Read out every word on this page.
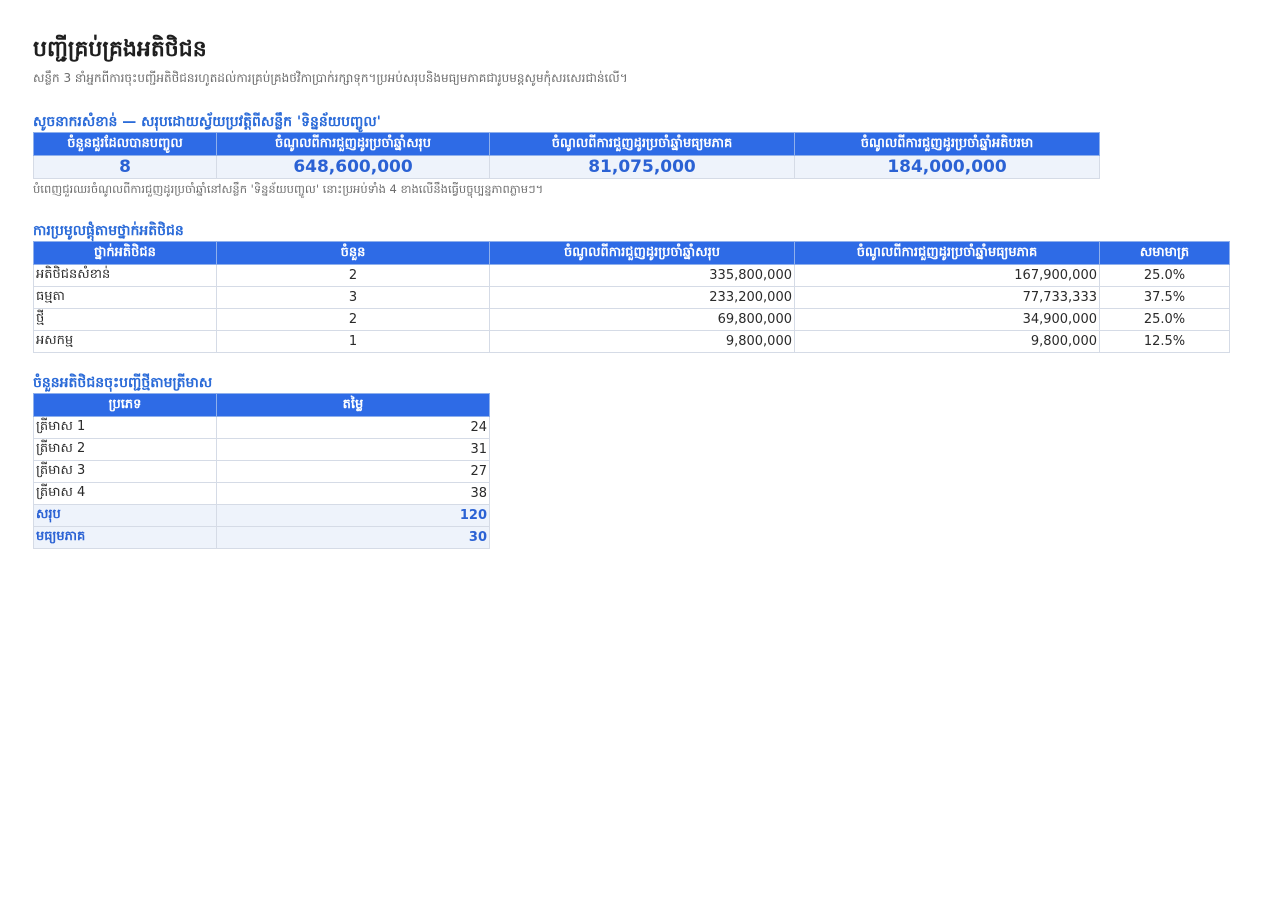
បញ្ជីគ្រប់គ្រងអតិថិជន
សន្លឹក 3 នាំអ្នកពីការចុះបញ្ជីអតិថិជនរហូតដល់ការគ្រប់គ្រងថវិកាប្រាក់រក្សាទុក។ប្រអប់សរុបនិងមធ្យមភាគជារូបមន្តសូមកុំសរសេរជាន់លើ។
សូចនាករសំខាន់ — សរុបដោយស្វ័យប្រវត្តិពីសន្លឹក 'ទិន្នន័យបញ្ចូល'
ចំនួនជួរដែលបានបញ្ចូល	ចំណូលពីការជួញដូរប្រចាំឆ្នាំសរុប	ចំណូលពីការជួញដូរប្រចាំឆ្នាំមធ្យមភាគ	ចំណូលពីការជួញដូរប្រចាំឆ្នាំអតិបរមា
8	648,600,000	81,075,000	184,000,000
បំពេញជួរឈរចំណូលពីការជួញដូរប្រចាំឆ្នាំនៅសន្លឹក 'ទិន្នន័យបញ្ចូល' នោះប្រអប់ទាំង 4 ខាងលើនឹងធ្វើបច្ចុប្បន្នភាពភ្លាមៗ។
ការប្រមូលផ្តុំតាមថ្នាក់អតិថិជន
ថ្នាក់អតិថិជន	ចំនួន	ចំណូលពីការជួញដូរប្រចាំឆ្នាំសរុប	ចំណូលពីការជួញដូរប្រចាំឆ្នាំមធ្យមភាគ	សមាមាត្រ
អតិថិជនសំខាន់	2	335,800,000	167,900,000	25.0%
ធម្មតា	3	233,200,000	77,733,333	37.5%
ថ្មី	2	69,800,000	34,900,000	25.0%
អសកម្ម	1	9,800,000	9,800,000	12.5%
ចំនួនអតិថិជនចុះបញ្ជីថ្មីតាមត្រីមាស
ប្រភេទ	តម្លៃ
ត្រីមាស 1	24
ត្រីមាស 2	31
ត្រីមាស 3	27
ត្រីមាស 4	38
សរុប	120
មធ្យមភាគ	30
